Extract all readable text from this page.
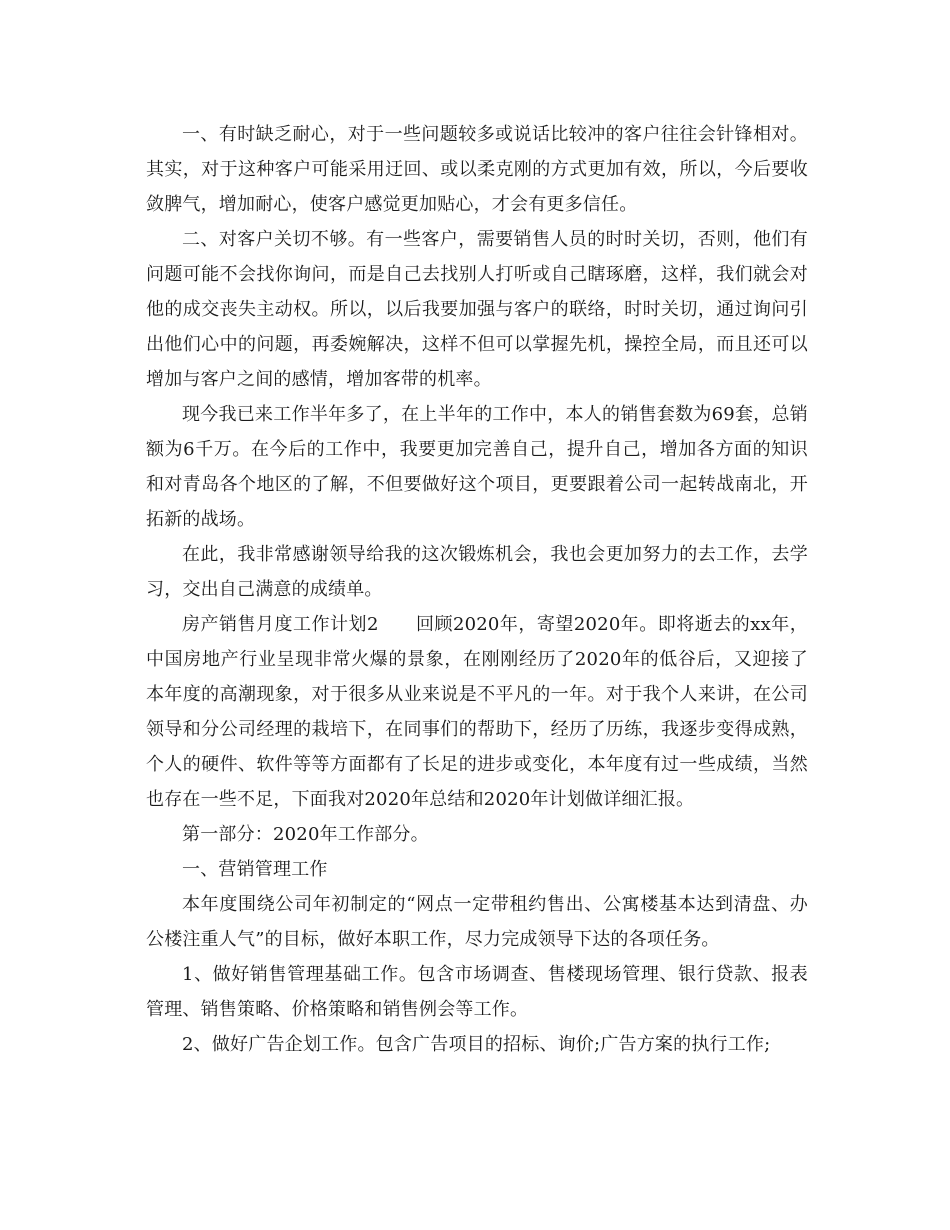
一、有时缺乏耐心，对于一些问题较多或说话比较冲的客户往往会针锋相对。其实，对于这种客户可能采用迂回、或以柔克刚的方式更加有效，所以，今后要收敛脾气，增加耐心，使客户感觉更加贴心，才会有更多信任。

二、对客户关切不够。有一些客户，需要销售人员的时时关切，否则，他们有问题可能不会找你询问，而是自己去找别人打听或自己瞎琢磨，这样，我们就会对他的成交丧失主动权。所以，以后我要加强与客户的联络，时时关切，通过询问引出他们心中的问题，再委婉解决，这样不但可以掌握先机，操控全局，而且还可以增加与客户之间的感情，增加客带的机率。

现今我已来工作半年多了，在上半年的工作中，本人的销售套数为69套，总销额为6千万。在今后的工作中，我要更加完善自己，提升自己，增加各方面的知识和对青岛各个地区的了解，不但要做好这个项目，更要跟着公司一起转战南北，开拓新的战场。

在此，我非常感谢领导给我的这次锻炼机会，我也会更加努力的去工作，去学习，交出自己满意的成绩单。

房产销售月度工作计划2　　回顾2020年，寄望2020年。即将逝去的xx年，中国房地产行业呈现非常火爆的景象，在刚刚经历了2020年的低谷后，又迎接了本年度的高潮现象，对于很多从业来说是不平凡的一年。对于我个人来讲，在公司领导和分公司经理的栽培下，在同事们的帮助下，经历了历练，我逐步变得成熟，个人的硬件、软件等等方面都有了长足的进步或变化，本年度有过一些成绩，当然也存在一些不足，下面我对2020年总结和2020年计划做详细汇报。

第一部分：2020年工作部分。

一、营销管理工作

本年度围绕公司年初制定的“网点一定带租约售出、公寓楼基本达到清盘、办公楼注重人气”的目标，做好本职工作，尽力完成领导下达的各项任务。

1、做好销售管理基础工作。包含市场调查、售楼现场管理、银行贷款、报表管理、销售策略、价格策略和销售例会等工作。

2、做好广告企划工作。包含广告项目的招标、询价;广告方案的执行工作;
